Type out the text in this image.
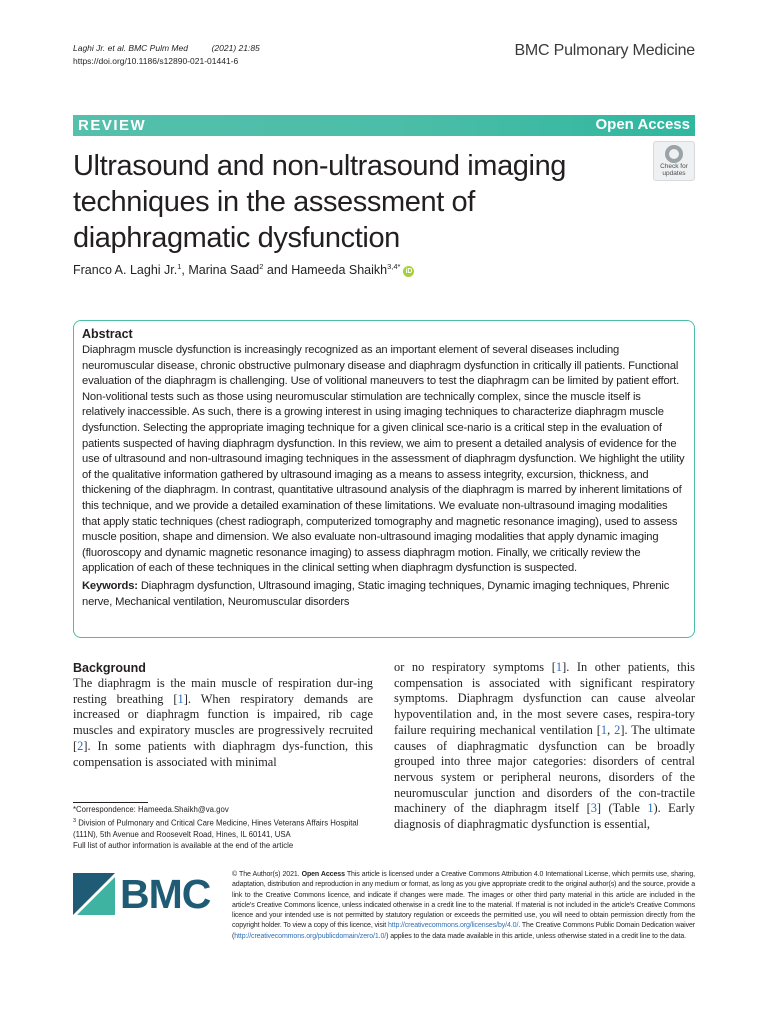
Laghi Jr. et al. BMC Pulm Med	(2021) 21:85
https://doi.org/10.1186/s12890-021-01441-6
BMC Pulmonary Medicine
REVIEW	Open Access
Ultrasound and non-ultrasound imaging techniques in the assessment of diaphragmatic dysfunction
Check for
updates
Franco A. Laghi Jr.$^1$, Marina Saad$^2$ and Hameeda Shaikh$^{3,4*}$iD
Abstract

Diaphragm muscle dysfunction is increasingly recognized as an important element of several diseases including neuromuscular disease, chronic obstructive pulmonary disease and diaphragm dysfunction in critically ill patients. Functional evaluation of the diaphragm is challenging. Use of volitional maneuvers to test the diaphragm can be limited by patient effort. Non-volitional tests such as those using neuromuscular stimulation are technically complex, since the muscle itself is relatively inaccessible. As such, there is a growing interest in using imaging techniques to characterize diaphragm muscle dysfunction. Selecting the appropriate imaging technique for a given clinical sce-nario is a critical step in the evaluation of patients suspected of having diaphragm dysfunction. In this review, we aim to present a detailed analysis of evidence for the use of ultrasound and non-ultrasound imaging techniques in the assessment of diaphragm dysfunction. We highlight the utility of the qualitative information gathered by ultrasound imaging as a means to assess integrity, excursion, thickness, and thickening of the diaphragm. In contrast, quantitative ultrasound analysis of the diaphragm is marred by inherent limitations of this technique, and we provide a detailed examination of these limitations. We evaluate non-ultrasound imaging modalities that apply static techniques (chest radiograph, computerized tomography and magnetic resonance imaging), used to assess muscle position, shape and dimension. We also evaluate non-ultrasound imaging modalities that apply dynamic imaging (fluoroscopy and dynamic magnetic resonance imaging) to assess diaphragm motion. Finally, we critically review the application of each of these techniques in the clinical setting when diaphragm dysfunction is suspected.

Keywords: Diaphragm dysfunction, Ultrasound imaging, Static imaging techniques, Dynamic imaging techniques, Phrenic nerve, Mechanical ventilation, Neuromuscular disorders

Background
The diaphragm is the main muscle of respiration dur-ing resting breathing [1]. When respiratory demands are increased or diaphragm function is impaired, rib cage muscles and expiratory muscles are progressively recruited [2]. In some patients with diaphragm dys-function, this compensation is associated with minimal
or no respiratory symptoms [1]. In other patients, this compensation is associated with significant respiratory symptoms. Diaphragm dysfunction can cause alveolar hypoventilation and, in the most severe cases, respira-tory failure requiring mechanical ventilation [1, 2]. The ultimate causes of diaphragmatic dysfunction can be broadly grouped into three major categories: disorders of central nervous system or peripheral neurons, disorders of the neuromuscular junction and disorders of the con-tractile machinery of the diaphragm itself [3] (Table 1). Early diagnosis of diaphragmatic dysfunction is essential,
*Correspondence: Hameeda.Shaikh@va.gov
$^3$ Division of Pulmonary and Critical Care Medicine, Hines Veterans Affairs Hospital (111N), 5th Avenue and Roosevelt Road, Hines, IL 60141, USA
Full list of author information is available at the end of the article
BMC	© The Author(s) 2021. Open Access This article is licensed under a Creative Commons Attribution 4.0 International License, which permits use, sharing, adaptation, distribution and reproduction in any medium or format, as long as you give appropriate credit to the original author(s) and the source, provide a link to the Creative Commons licence, and indicate if changes were made. The images or other third party material in this article are included in the article's Creative Commons licence, unless indicated otherwise in a credit line to the material. If material is not included in the article's Creative Commons licence and your intended use is not permitted by statutory regulation or exceeds the permitted use, you will need to obtain permission directly from the copyright holder. To view a copy of this licence, visit http://creativecommons.org/licenses/by/4.0/. The Creative Commons Public Domain Dedication waiver (http://creativecommons.org/publicdomain/zero/1.0/) applies to the data made available in this article, unless otherwise stated in a credit line to the data.
